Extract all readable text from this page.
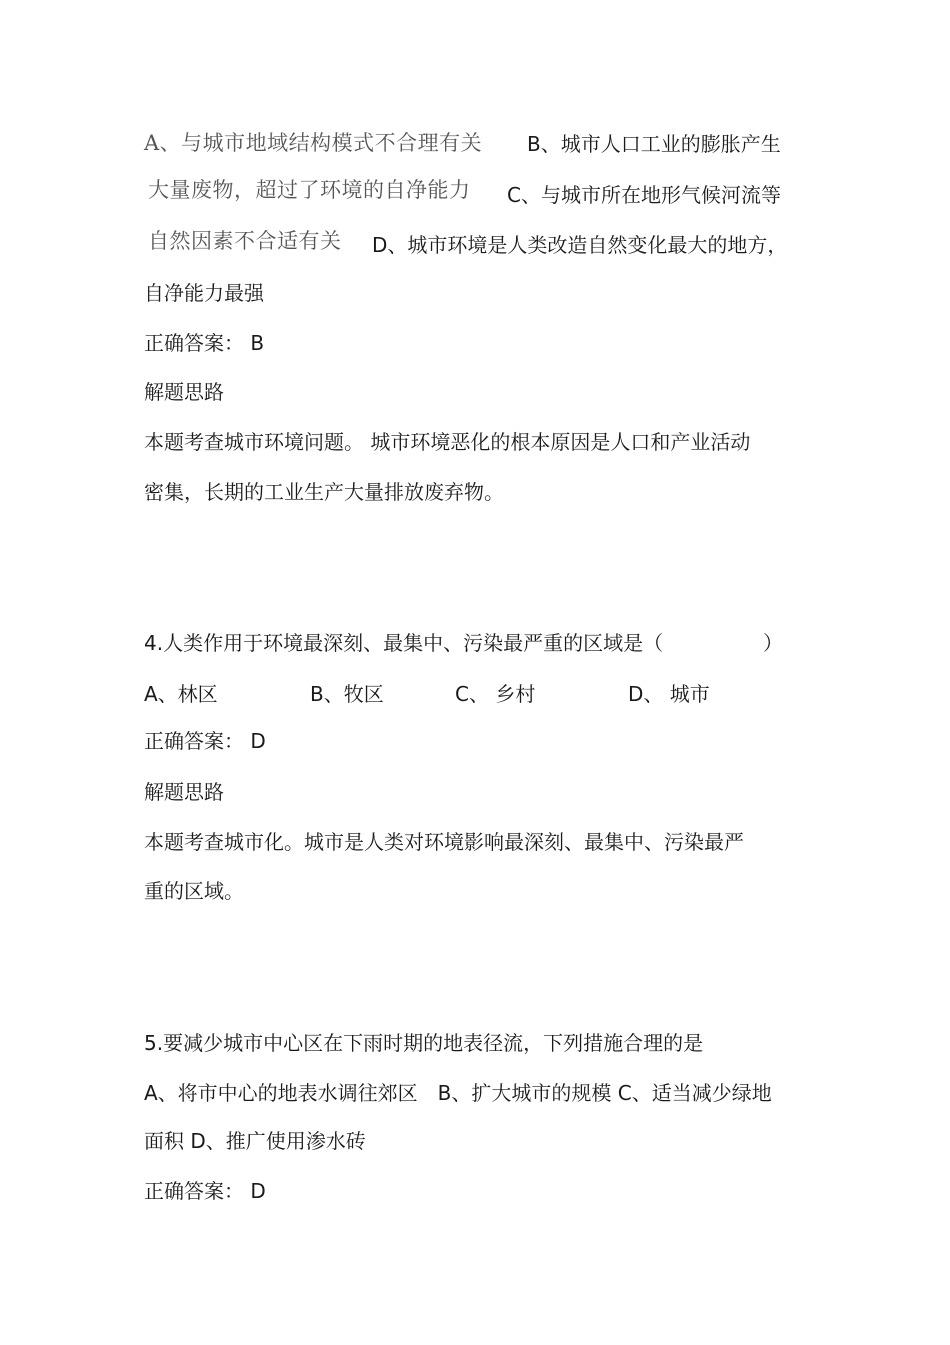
A、与城市地域结构模式不合理有关 B、城市人口工业的膨胀产生
大量废物，超过了环境的自净能力 C、与城市所在地形气候河流等
自然因素不合适有关 D、城市环境是人类改造自然变化最大的地方，
自净能力最强
正确答案： B
解题思路
本题考查城市环境问题。 城市环境恶化的根本原因是人口和产业活动
密集，长期的工业生产大量排放废弃物。
4.人类作用于环境最深刻、最集中、污染最严重的区域是（	）
A、林区	B、牧区	C、 乡村	D、 城市
正确答案： D
解题思路
本题考查城市化。城市是人类对环境影响最深刻、最集中、污染最严
重的区域。
5.要减少城市中心区在下雨时期的地表径流，下列措施合理的是
A、将市中心的地表水调往郊区　B、扩大城市的规模 C、适当减少绿地
面积 D、推广使用渗水砖
正确答案： D
